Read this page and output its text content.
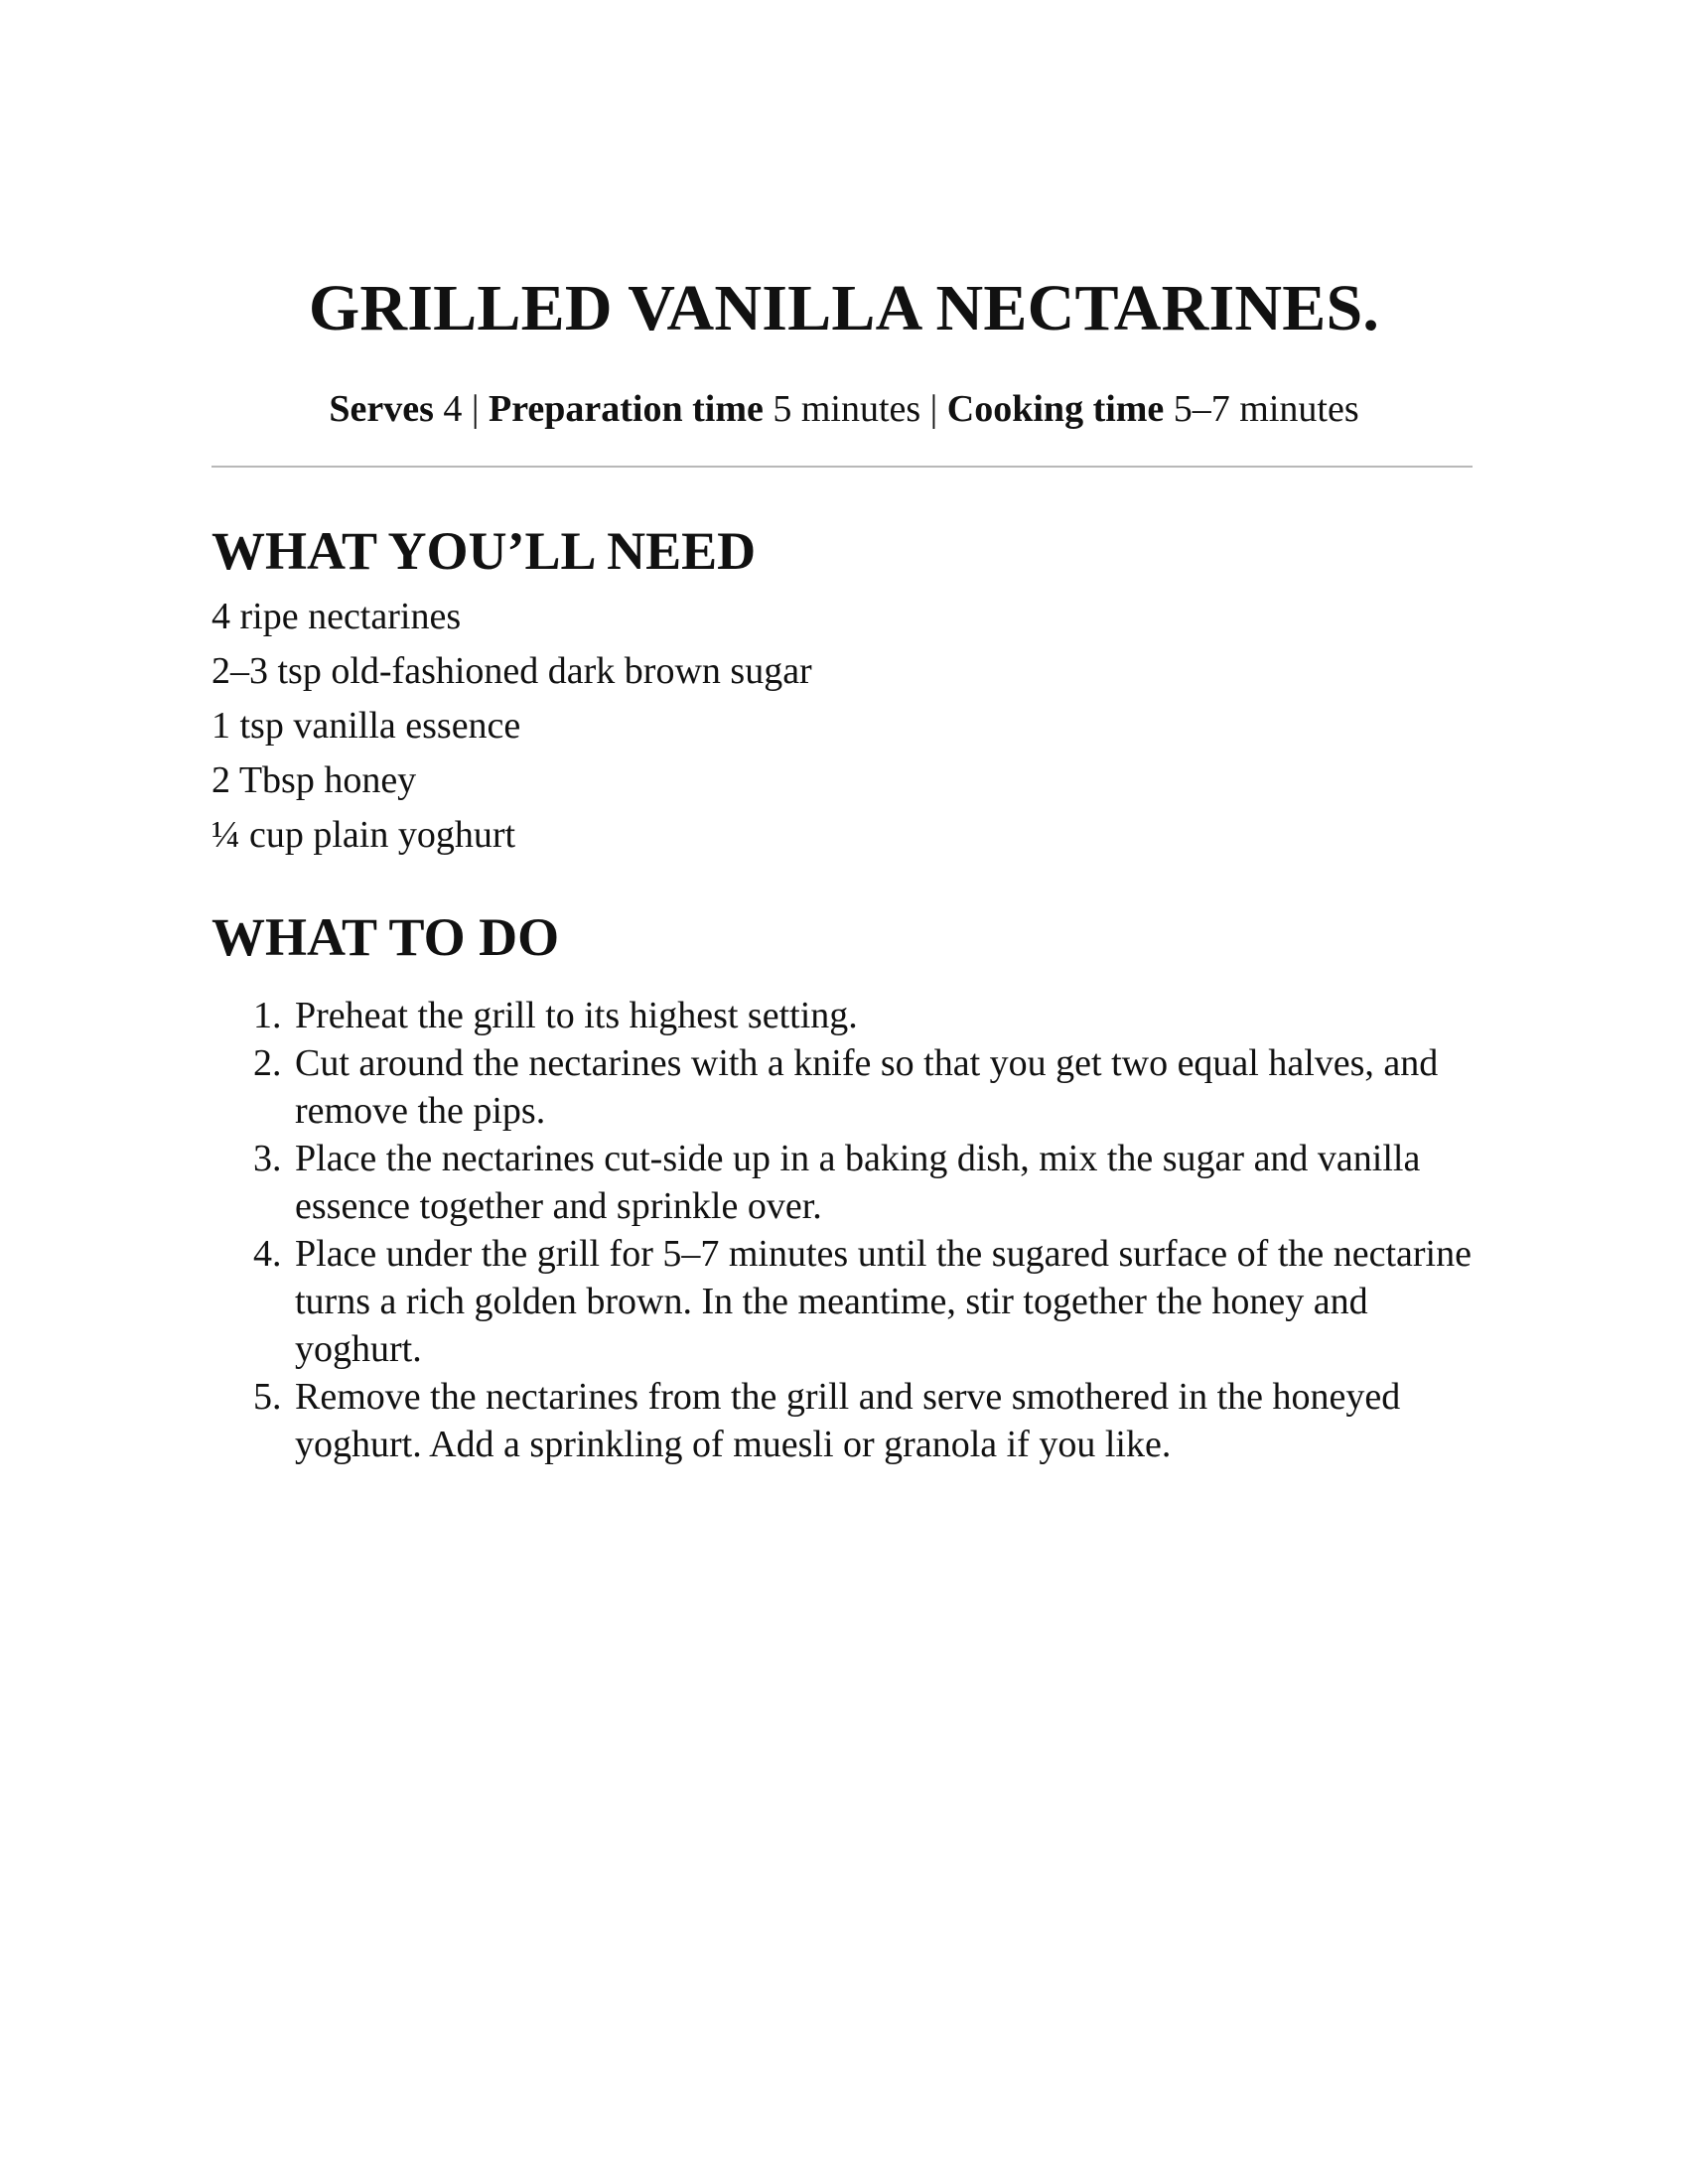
GRILLED VANILLA NECTARINES.

Serves 4 | Preparation time 5 minutes | Cooking time 5–7 minutes

WHAT YOU’LL NEED
4 ripe nectarines
2–3 tsp old-fashioned dark brown sugar
1 tsp vanilla essence
2 Tbsp honey
¼ cup plain yoghurt
WHAT TO DO
1. Preheat the grill to its highest setting.
2. Cut around the nectarines with a knife so that you get two equal halves, and remove the pips.
3. Place the nectarines cut-side up in a baking dish, mix the sugar and vanilla essence together and sprinkle over.
4. Place under the grill for 5–7 minutes until the sugared surface of the nectarine turns a rich golden brown. In the meantime, stir together the honey and yoghurt.
5. Remove the nectarines from the grill and serve smothered in the honeyed yoghurt. Add a sprinkling of muesli or granola if you like.
